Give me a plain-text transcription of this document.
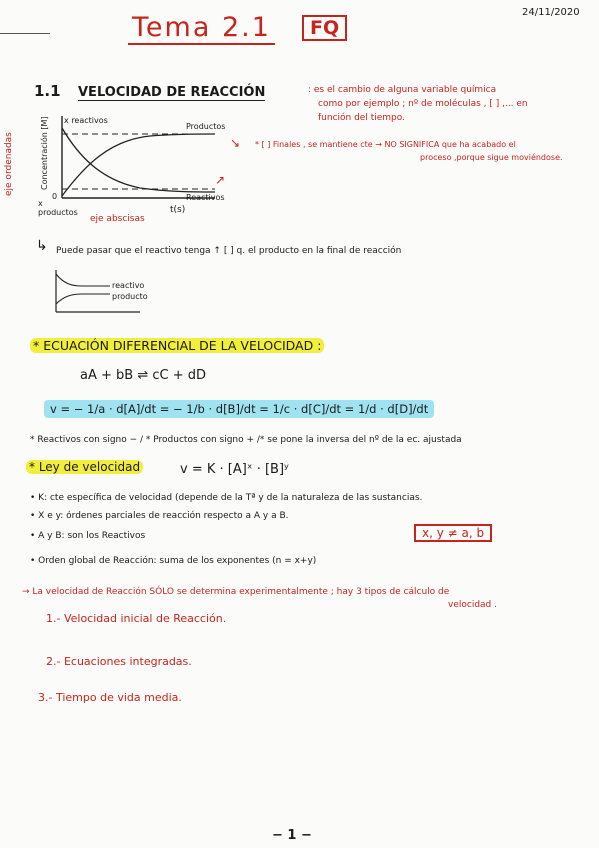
Tema 2.1	FQ
24/11/2020
1.1 VELOCIDAD DE REACCIÓN	: es el cambio de alguna variable química
como por ejemplo ; nº de moléculas , [ ] ,... en
función del tiempo.
eje ordenadas	Concentración [M] x reactivos
0
x productos
Productos
Reactivos
t(s)
eje abscisas
↘
↗
* [ ] Finales , se mantiene cte → NO SIGNIFICA que ha acabado el
proceso ,porque sigue moviéndose.
↳ Puede pasar que el reactivo tenga ↑ [ ] q. el producto en la final de reacción
reactivo
producto
* ECUACIÓN DIFERENCIAL DE LA VELOCIDAD :
aA + bB ⇌ cC + dD
v = − 1/a · d[A]/dt = − 1/b · d[B]/dt = 1/c · d[C]/dt = 1/d · d[D]/dt
* Reactivos con signo − / * Productos con signo + /* se pone la inversa del nº de la ec. ajustada
* Ley de velocidad	v = K · [A]ˣ · [B]ʸ
• K: cte específica de velocidad (depende de la Tª y de la naturaleza de las sustancias.
• X e y: órdenes parciales de reacción respecto a A y a B.
• A y B: son los Reactivos	x, y ≠ a, b
• Orden global de Reacción: suma de los exponentes (n = x+y)
→ La velocidad de Reacción SÓLO se determina experimentalmente ; hay 3 tipos de cálculo de
velocidad .
1.- Velocidad inicial de Reacción.
2.- Ecuaciones integradas.
3.- Tiempo de vida media.
− 1 −
